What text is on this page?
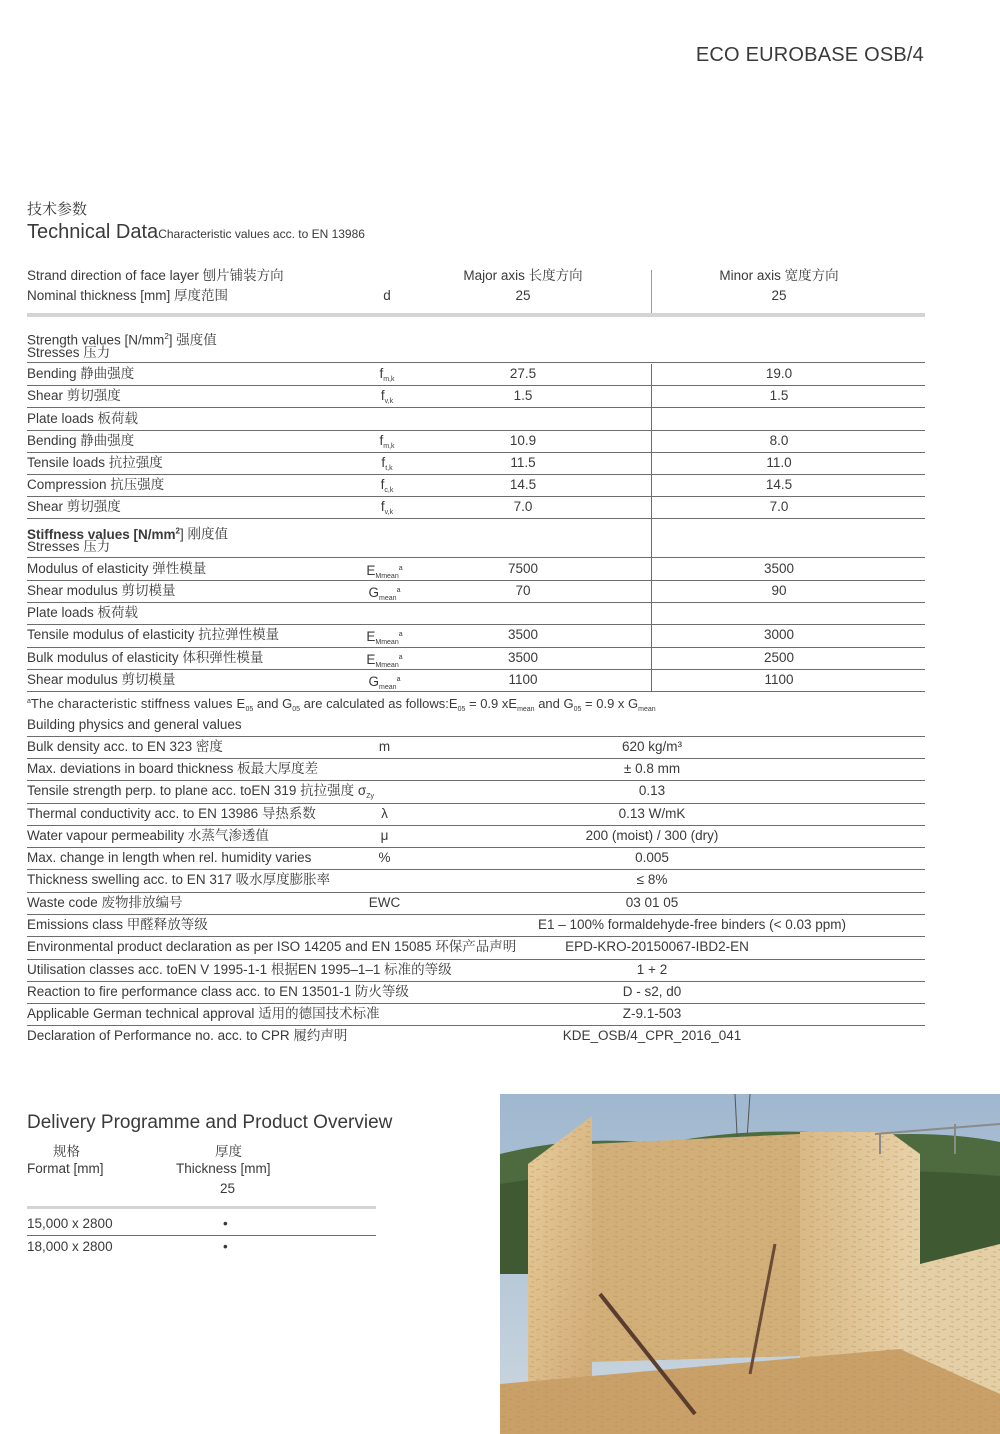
ECO EUROBASE OSB/4
技术参数
Technical DataCharacteristic values acc. to EN 13986
Strand direction of face layer 刨片铺装方向	Major axis 长度方向	Minor axis 宽度方向
Nominal thickness [mm] 厚度范围	d	25	25
Strength values $[N/mm^2]$ 强度值
Stresses 压力
Bending 静曲强度	$f_{m,k}$	27.5	19.0
Shear 剪切强度	$f_{v,k}$	1.5	1.5
Plate loads 板荷载
Bending 静曲强度	$f_{m,k}$	10.9	8.0
Tensile loads 抗拉强度	$f_{t,k}$	11.5	11.0
Compression 抗压强度	$f_{c,k}$	14.5	14.5
Shear 剪切强度	$f_{v,k}$	7.0	7.0
Stiffness values $[N/mm^2]$ 刚度值
Stresses 压力
Modulus of elasticity 弹性模量	$E_{Mmean}^a$	7500	3500
Shear modulus 剪切模量	$G_{mean}^a$	70	90
Plate loads 板荷载
Tensile modulus of elasticity 抗拉弹性模量	$E_{Mmean}^a$	3500	3000
Bulk modulus of elasticity 体积弹性模量	$E_{Mmean}^a$	3500	2500
Shear modulus 剪切模量	$G_{mean}^a$	1100	1100
$^a$The characteristic stiffness values $E_{05}$ and $G_{05}$ are calculated as $follows:E_{05} = 0.9$ $xE_{mean}$ and $G_{05} = 0.9$ x $G_{mean}$
Building physics and general values
Bulk density acc. to EN 323 密度	m	620 kg/m³
Max. deviations in board thickness 板最大厚度差	± 0.8 mm
Tensile strength perp. to plane acc. toEN 319 抗拉强度 $\sigma_{Zy}$	0.13
Thermal conductivity acc. to EN 13986 导热系数	λ	0.13 W/mK
Water vapour permeability 水蒸气渗透值	μ	200 (moist) / 300 (dry)
Max. change in length when rel. humidity varies	%	0.005
Thickness swelling acc. to EN 317 吸水厚度膨胀率	≤ 8%
Waste code 废物排放编号	EWC	03 01 05
Emissions class 甲醛释放等级	E1 – 100% formaldehyde-free binders (< 0.03 ppm)
Environmental product declaration as per ISO 14205 and EN 15085 环保产品声明	EPD-KRO-20150067-IBD2-EN
Utilisation classes acc. toEN V 1995-1-1 根据EN 1995–1–1 标准的等级	1 + 2
Reaction to fire performance class acc. to EN 13501-1 防火等级	D - s2, d0
Applicable German technical approval 适用的德国技术标准	Z-9.1-503
Declaration of Performance no. acc. to CPR 履约声明	KDE_OSB/4_CPR_2016_041
Delivery Programme and Product Overview
规格
Format [mm]
厚度
Thickness [mm]
25
15,000 x 2800	•
18,000 x 2800	•
